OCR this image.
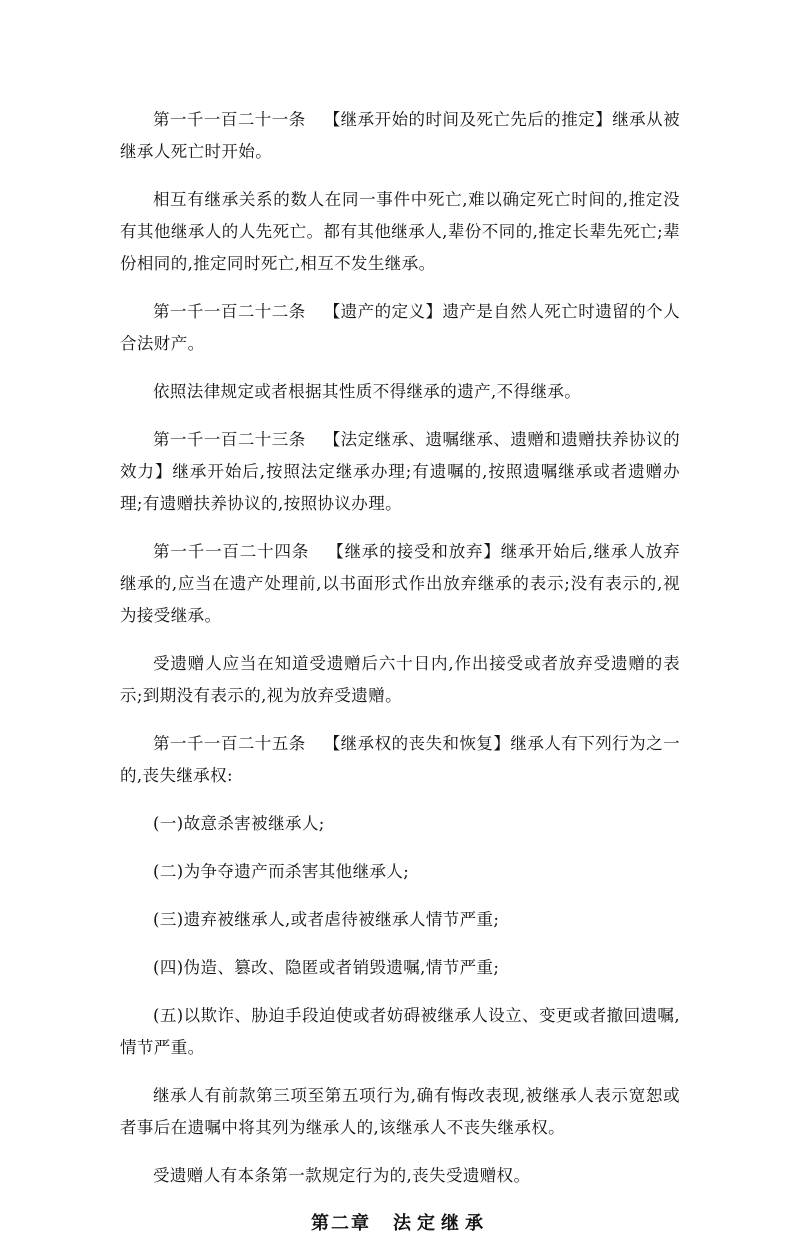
第一千一百二十一条 【继承开始的时间及死亡先后的推定】继承从被继承人死亡时开始。

相互有继承关系的数人在同一事件中死亡,难以确定死亡时间的,推定没有其他继承人的人先死亡。都有其他继承人,辈份不同的,推定长辈先死亡;辈份相同的,推定同时死亡,相互不发生继承。

第一千一百二十二条 【遗产的定义】遗产是自然人死亡时遗留的个人合法财产。

依照法律规定或者根据其性质不得继承的遗产,不得继承。

第一千一百二十三条 【法定继承、遗嘱继承、遗赠和遗赠扶养协议的效力】继承开始后,按照法定继承办理;有遗嘱的,按照遗嘱继承或者遗赠办理;有遗赠扶养协议的,按照协议办理。

第一千一百二十四条 【继承的接受和放弃】继承开始后,继承人放弃继承的,应当在遗产处理前,以书面形式作出放弃继承的表示;没有表示的,视为接受继承。

受遗赠人应当在知道受遗赠后六十日内,作出接受或者放弃受遗赠的表示;到期没有表示的,视为放弃受遗赠。

第一千一百二十五条 【继承权的丧失和恢复】继承人有下列行为之一的,丧失继承权:

(一)故意杀害被继承人;

(二)为争夺遗产而杀害其他继承人;

(三)遗弃被继承人,或者虐待被继承人情节严重;

(四)伪造、篡改、隐匿或者销毁遗嘱,情节严重;

(五)以欺诈、胁迫手段迫使或者妨碍被继承人设立、变更或者撤回遗嘱,情节严重。

继承人有前款第三项至第五项行为,确有悔改表现,被继承人表示宽恕或者事后在遗嘱中将其列为继承人的,该继承人不丧失继承权。

受遗赠人有本条第一款规定行为的,丧失受遗赠权。

第二章 法定继承
